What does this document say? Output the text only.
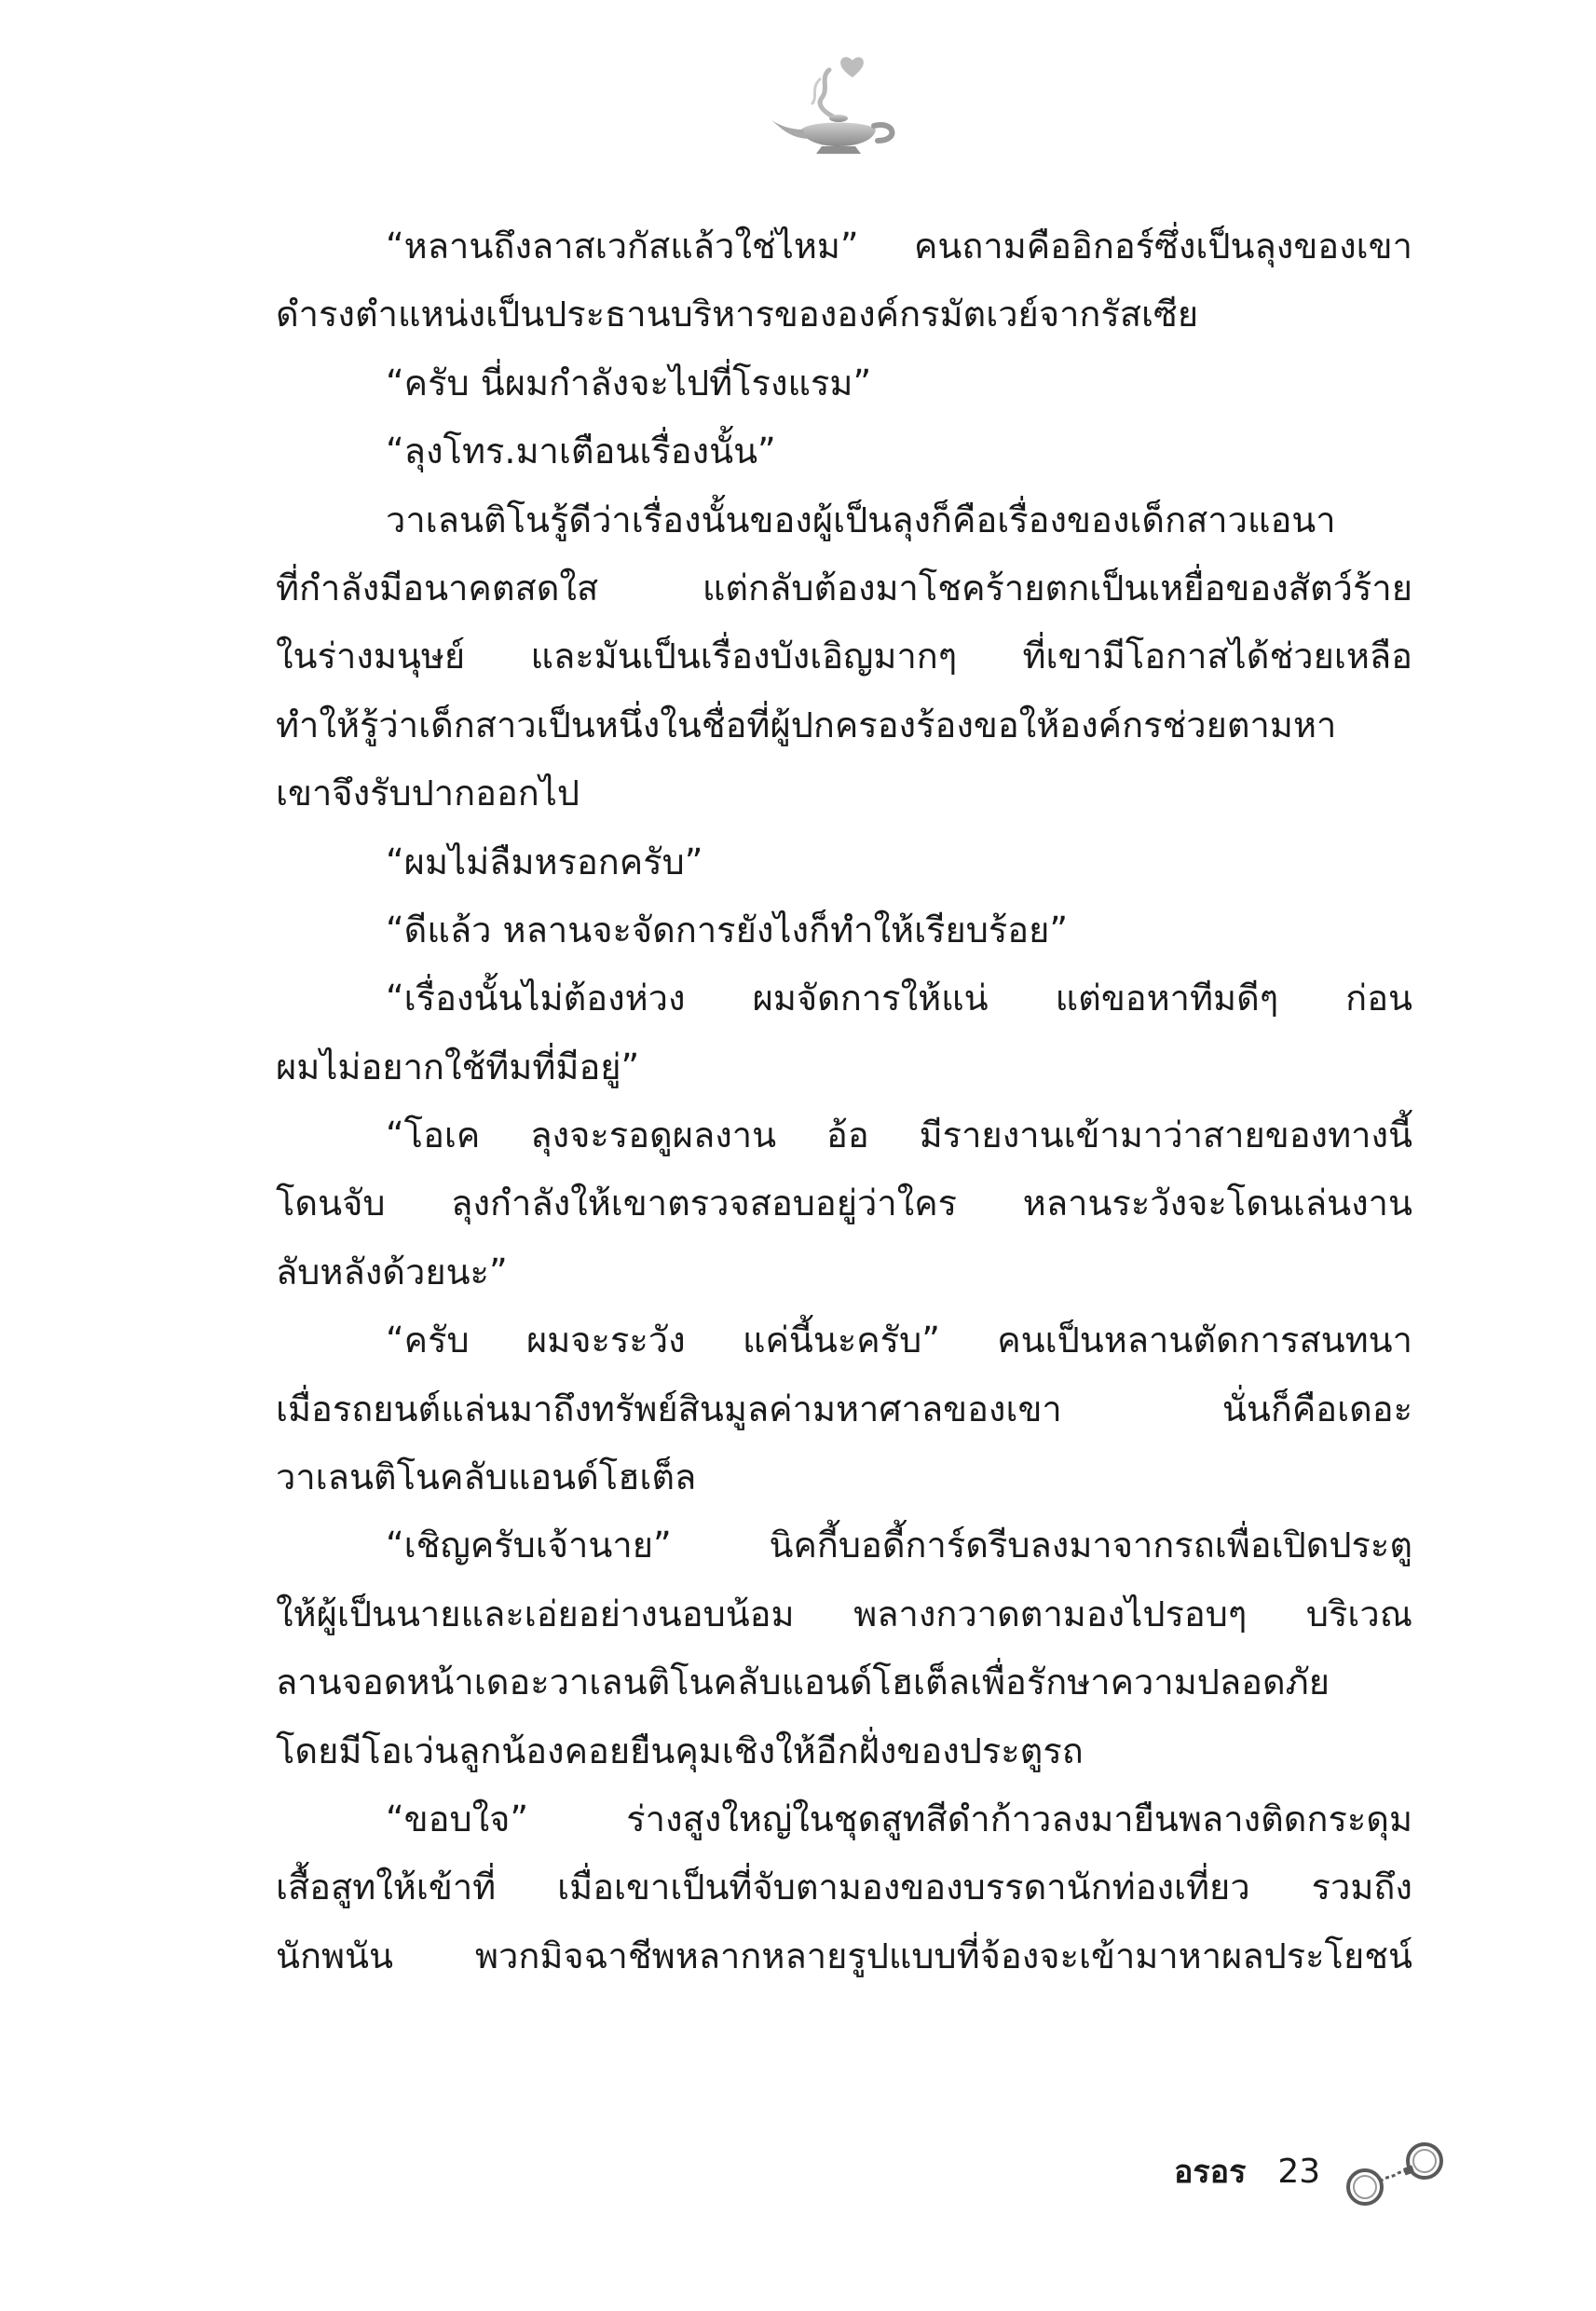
“หลานถึงลาสเวกัสแล้วใช่ไหม” คนถามคืออิกอร์ซึ่งเป็นลุงของเขา
ดำรงตำแหน่งเป็นประธานบริหารขององค์กรมัตเวย์จากรัสเซีย
“ครับ นี่ผมกำลังจะไปที่โรงแรม”
“ลุงโทร.มาเตือนเรื่องนั้น”
วาเลนติโนรู้ดีว่าเรื่องนั้นของผู้เป็นลุงก็คือเรื่องของเด็กสาวแอนา
ที่กำลังมีอนาคตสดใส แต่กลับต้องมาโชคร้ายตกเป็นเหยื่อของสัตว์ร้าย
ในร่างมนุษย์ และมันเป็นเรื่องบังเอิญมากๆ ที่เขามีโอกาสได้ช่วยเหลือ
ทำให้รู้ว่าเด็กสาวเป็นหนึ่งในชื่อที่ผู้ปกครองร้องขอให้องค์กรช่วยตามหา
เขาจึงรับปากออกไป
“ผมไม่ลืมหรอกครับ”
“ดีแล้ว หลานจะจัดการยังไงก็ทำให้เรียบร้อย”
“เรื่องนั้นไม่ต้องห่วง ผมจัดการให้แน่ แต่ขอหาทีมดีๆ ก่อน
ผมไม่อยากใช้ทีมที่มีอยู่”
“โอเค ลุงจะรอดูผลงาน อ้อ มีรายงานเข้ามาว่าสายของทางนี้
โดนจับ ลุงกำลังให้เขาตรวจสอบอยู่ว่าใคร หลานระวังจะโดนเล่นงาน
ลับหลังด้วยนะ”
“ครับ ผมจะระวัง แค่นี้นะครับ” คนเป็นหลานตัดการสนทนา
เมื่อรถยนต์แล่นมาถึงทรัพย์สินมูลค่ามหาศาลของเขา นั่นก็คือเดอะ
วาเลนติโนคลับแอนด์โฮเต็ล
“เชิญครับเจ้านาย” นิคกี้บอดี้การ์ดรีบลงมาจากรถเพื่อเปิดประตู
ให้ผู้เป็นนายและเอ่ยอย่างนอบน้อม พลางกวาดตามองไปรอบๆ บริเวณ
ลานจอดหน้าเดอะวาเลนติโนคลับแอนด์โฮเต็ลเพื่อรักษาความปลอดภัย
โดยมีโอเว่นลูกน้องคอยยืนคุมเชิงให้อีกฝั่งของประตูรถ
“ขอบใจ” ร่างสูงใหญ่ในชุดสูทสีดำก้าวลงมายืนพลางติดกระดุม
เสื้อสูทให้เข้าที่ เมื่อเขาเป็นที่จับตามองของบรรดานักท่องเที่ยว รวมถึง
นักพนัน พวกมิจฉาชีพหลากหลายรูปแบบที่จ้องจะเข้ามาหาผลประโยชน์
อรอร 23
